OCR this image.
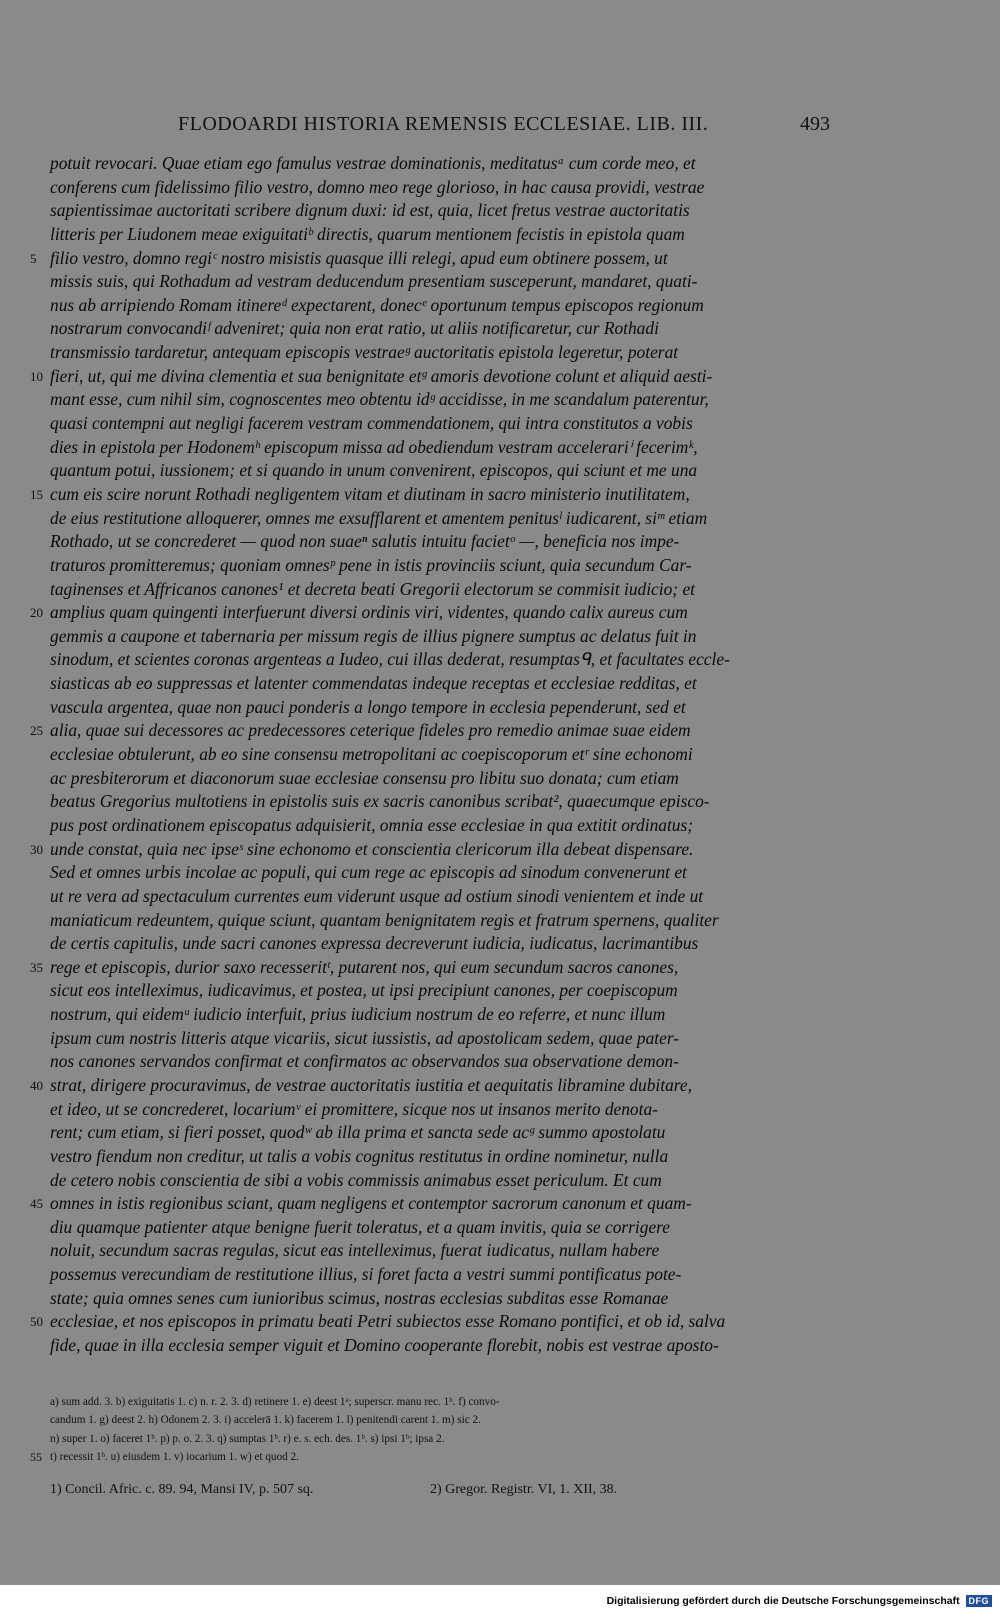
FLODOARDI HISTORIA REMENSIS ECCLESIAE. LIB. III.	493
potuit revocari. Quae etiam ego famulus vestrae dominationis, meditatusᵃ cum corde meo, et
conferens cum fidelissimo filio vestro, domno meo rege glorioso, in hac causa providi, vestrae
sapientissimae auctoritati scribere dignum duxi: id est, quia, licet fretus vestrae auctoritatis
litteris per Liudonem meae exiguitatiᵇ directis, quarum mentionem fecistis in epistola quam
5 filio vestro, domno regiᶜ nostro misistis quasque illi relegi, apud eum obtinere possem, ut
missis suis, qui Rothadum ad vestram deducendum presentiam susceperunt, mandaret, quati-
nus ab arripiendo Romam itinereᵈ expectarent, donecᵉ oportunum tempus episcopos regionum
nostrarum convocandiᶠ adveniret; quia non erat ratio, ut aliis notificaretur, cur Rothadi
transmissio tardaretur, antequam episcopis vestraeᵍ auctoritatis epistola legeretur, poterat
10 fieri, ut, qui me divina clementia et sua benignitate etᵍ amoris devotione colunt et aliquid aesti-
mant esse, cum nihil sim, cognoscentes meo obtentu idᵍ accidisse, in me scandalum paterentur,
quasi contempni aut negligi facerem vestram commendationem, qui intra constitutos a vobis
dies in epistola per Hodonemʰ episcopum missa ad obediendum vestram accelerariⁱ fecerimᵏ,
quantum potui, iussionem; et si quando in unum convenirent, episcopos, qui sciunt et me una
15 cum eis scire norunt Rothadi negligentem vitam et diutinam in sacro ministerio inutilitatem,
de eius restitutione alloquerer, omnes me exsufflarent et amentem penitusˡ iudicarent, siᵐ etiam
Rothado, ut se concrederet — quod non suaeⁿ salutis intuitu facietᵒ —, beneficia nos impe-
traturos promitteremus; quoniam omnesᵖ pene in istis provinciis sciunt, quia secundum Car-
taginenses et Affricanos canones¹ et decreta beati Gregorii electorum se commisit iudicio; et
20 amplius quam quingenti interfuerunt diversi ordinis viri, videntes, quando calix aureus cum
gemmis a caupone et tabernaria per missum regis de illius pignere sumptus ac delatus fuit in
sinodum, et scientes coronas argenteas a Iudeo, cui illas dederat, resumptasᑫ, et facultates eccle-
siasticas ab eo suppressas et latenter commendatas indeque receptas et ecclesiae redditas, et
vascula argentea, quae non pauci ponderis a longo tempore in ecclesia pependerunt, sed et
25 alia, quae sui decessores ac predecessores ceterique fideles pro remedio animae suae eidem
ecclesiae obtulerunt, ab eo sine consensu metropolitani ac coepiscoporum etʳ sine echonomi
ac presbiterorum et diaconorum suae ecclesiae consensu pro libitu suo donata; cum etiam
beatus Gregorius multotiens in epistolis suis ex sacris canonibus scribat², quaecumque episco-
pus post ordinationem episcopatus adquisierit, omnia esse ecclesiae in qua extitit ordinatus;
30 unde constat, quia nec ipseˢ sine echonomo et conscientia clericorum illa debeat dispensare.
Sed et omnes urbis incolae ac populi, qui cum rege ac episcopis ad sinodum convenerunt et
ut re vera ad spectaculum currentes eum viderunt usque ad ostium sinodi venientem et inde ut
maniaticum redeuntem, quique sciunt, quantam benignitatem regis et fratrum spernens, qualiter
de certis capitulis, unde sacri canones expressa decreverunt iudicia, iudicatus, lacrimantibus
35 rege et episcopis, durior saxo recesseritᵗ, putarent nos, qui eum secundum sacros canones,
sicut eos intelleximus, iudicavimus, et postea, ut ipsi precipiunt canones, per coepiscopum
nostrum, qui eidemᵘ iudicio interfuit, prius iudicium nostrum de eo referre, et nunc illum
ipsum cum nostris litteris atque vicariis, sicut iussistis, ad apostolicam sedem, quae pater-
nos canones servandos confirmat et confirmatos ac observandos sua observatione demon-
40 strat, dirigere procuravimus, de vestrae auctoritatis iustitia et aequitatis libramine dubitare,
et ideo, ut se concrederet, locariumᵛ ei promittere, sicque nos ut insanos merito denota-
rent; cum etiam, si fieri posset, quodʷ ab illa prima et sancta sede acᵍ summo apostolatu
vestro fiendum non creditur, ut talis a vobis cognitus restitutus in ordine nominetur, nulla
de cetero nobis conscientia de sibi a vobis commissis animabus esset periculum. Et cum
45 omnes in istis regionibus sciant, quam negligens et contemptor sacrorum canonum et quam-
diu quamque patienter atque benigne fuerit toleratus, et a quam invitis, quia se corrigere
noluit, secundum sacras regulas, sicut eas intelleximus, fuerat iudicatus, nullam habere
possemus verecundiam de restitutione illius, si foret facta a vestri summi pontificatus pote-
state; quia omnes senes cum iunioribus scimus, nostras ecclesias subditas esse Romanae
50 ecclesiae, et nos episcopos in primatu beati Petri subiectos esse Romano pontifici, et ob id, salva
fide, quae in illa ecclesia semper viguit et Domino cooperante florebit, nobis est vestrae aposto-
a) sum add. 3. b) exiguitatis 1. c) n. r. 2. 3. d) retinere 1. e) deest 1ᵃ; superscr. manu rec. 1ᵇ. f) convo-
candum 1. g) deest 2. h) Odonem 2. 3. i) accelerā 1. k) facerem 1. l) penitendi carent 1. m) sic 2.
n) super 1. o) faceret 1ᵇ. p) p. o. 2. 3. q) sumptas 1ᵇ. r) e. s. ech. des. 1ᵇ. s) ipsi 1ᵇ; ipsa 2.
55 t) recessit 1ᵇ. u) eiusdem 1. v) iocarium 1. w) et quod 2.
1) Concil. Afric. c. 89. 94, Mansi IV, p. 507 sq.	2) Gregor. Registr. VI, 1. XII, 38.
Digitalisierung gefördert durch die Deutsche Forschungsgemeinschaft DFG
